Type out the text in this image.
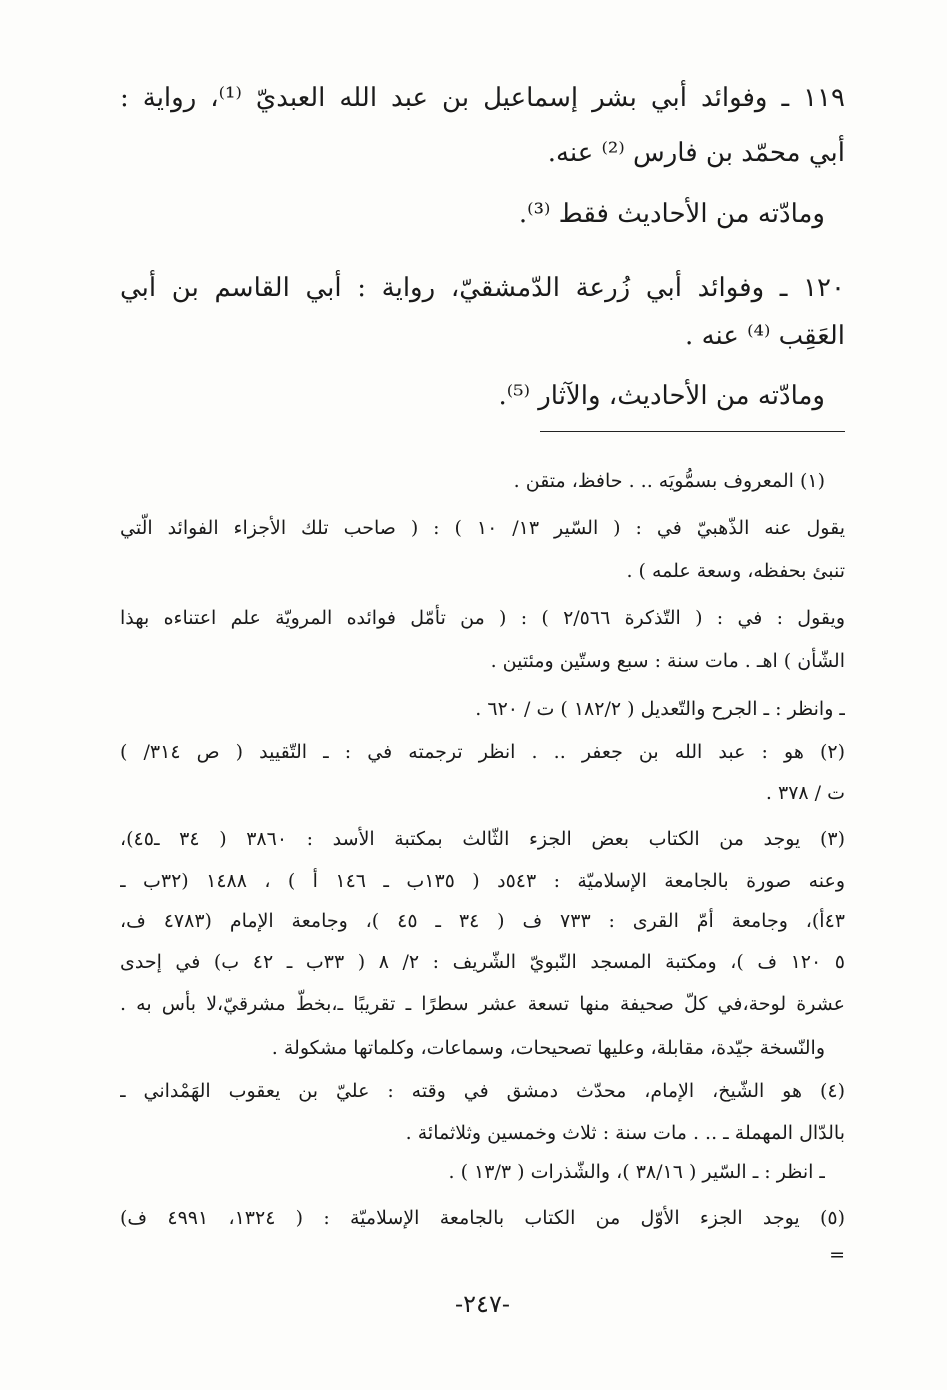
١١٩ ـ وفوائد أبي بشر إسماعيل بن عبد الله العبديّ ⁽¹⁾، رواية :
أبي محمّد بن فارس ⁽²⁾ عنه.
ومادّته من الأحاديث فقط ⁽³⁾.
١٢٠ ـ وفوائد أبي زُرعة الدّمشقيّ، رواية : أبي القاسم بن أبي
العَقِب ⁽⁴⁾ عنه .
ومادّته من الأحاديث، والآثار ⁽⁵⁾.
(١) المعروف بسمُّويَه .. . حافظ، متقن .
يقول عنه الذّهبيّ في : ( السّير ١٣/ ١٠ ) : ( صاحب تلك الأجزاء الفوائد الّتي
تنبئ بحفظه، وسعة علمه ) .
ويقول : في : ( التّذكرة ٢/٥٦٦ ) : ( من تأمّل فوائده المرويّة علم اعتناءه بهذا
الشّأن ) اهـ . مات سنة : سبع وستّين ومئتين .
ـ وانظر : ـ الجرح والتّعديل ( ١٨٢/٢ ) ت / ٦٢٠ .
(٢) هو : عبد الله بن جعفر .. . انظر ترجمته في : ـ التّقييد ( ص ٣١٤/ )
ت / ٣٧٨ .
(٣) يوجد من الكتاب بعض الجزء الثّالث بمكتبة الأسد : ٣٨٦٠ ( ٣٤ ـ٤٥)،
وعنه صورة بالجامعة الإسلاميّة : ٥٤٣د ( ١٣٥ب ـ ١٤٦ أ ) ، ١٤٨٨ (٣٢ب ـ
٤٣أ)، وجامعة أمّ القرى : ٧٣٣ ف ( ٣٤ ـ ٤٥ )، وجامعة الإمام (٤٧٨٣ ف،
٥ ١٢٠ ف )، ومكتبة المسجد النّبويّ الشّريف : ٢/ ٨ ( ٣٣ب ـ ٤٢ ب) في إحدى
عشرة لوحة،في كلّ صحيفة منها تسعة عشر سطرًا ـ تقريبًا ـ،بخطّ مشرقيّ،لا بأس به .
والنّسخة جيّدة، مقابلة، وعليها تصحيحات، وسماعات، وكلماتها مشكولة .
(٤) هو الشّيخ، الإمام، محدّث دمشق في وقته : عليّ بن يعقوب الهَمْداني ـ
بالدّال المهملة ـ .. . مات سنة : ثلاث وخمسين وثلاثمائة .
ـ انظر : ـ السّير ( ٣٨/١٦ )، والشّذرات ( ١٣/٣ ) .
(٥) يوجد الجزء الأوّل من الكتاب بالجامعة الإسلاميّة : ( ١٣٢٤، ٤٩٩١ ف)
=
-٢٤٧-
